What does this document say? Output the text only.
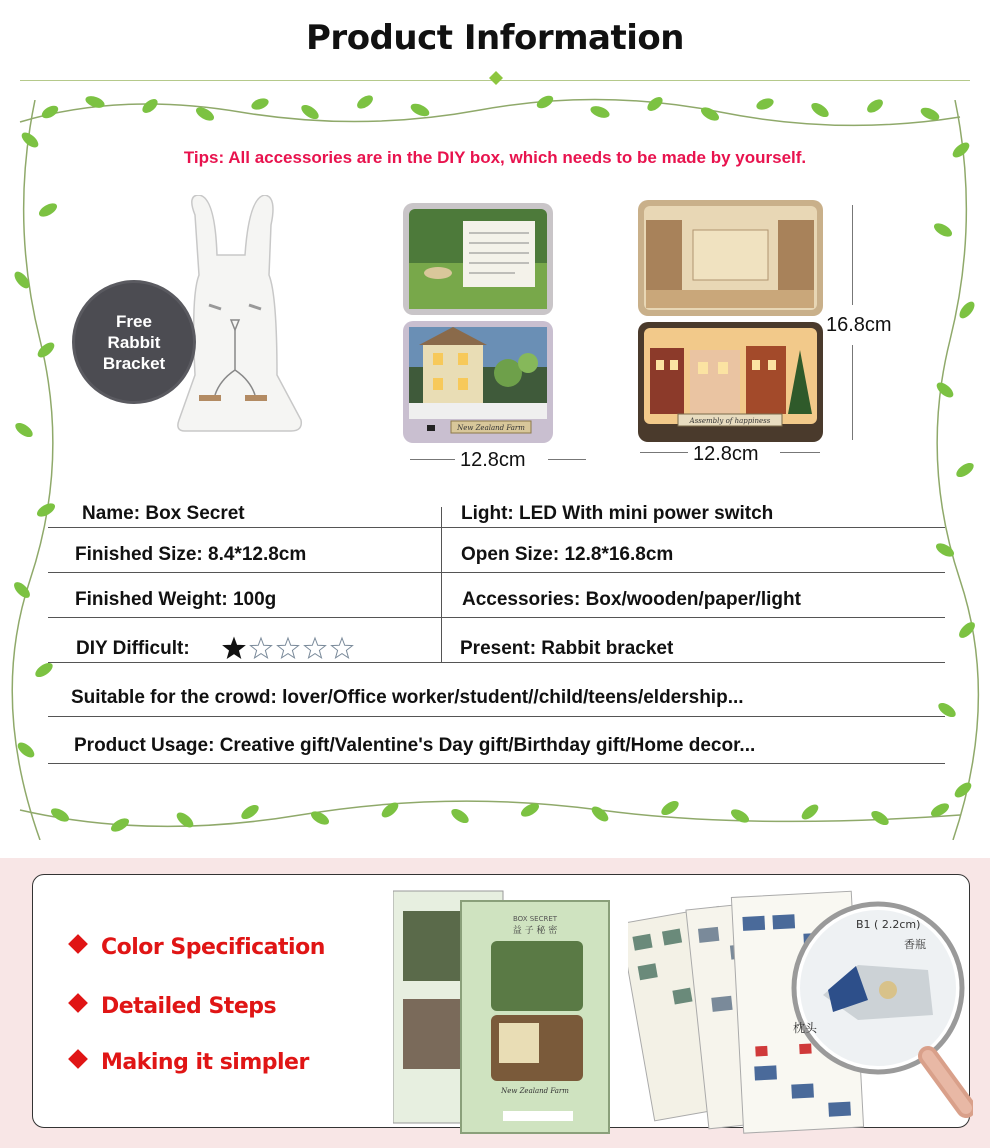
Product Information
Tips: All accessories are in the DIY box, which needs to be made by yourself.
Free
Rabbit
Bracket
New Zealand Farm
12.8cm
Assembly of happiness
12.8cm
16.8cm
Name: Box Secret	Light: LED With mini power switch
Finished Size: 8.4*12.8cm	Open Size: 12.8*16.8cm
Finished Weight: 100g	Accessories: Box/wooden/paper/light
DIY Difficult:	Present: Rabbit bracket
Suitable for the crowd: lover/Office worker/student//child/teens/eldership...
Product Usage: Creative gift/Valentine's Day gift/Birthday gift/Home decor...
Color Specification
Detailed Steps
Making it simpler
BOX SECRET
益 子 秘 密
New Zealand Farm
B1 ( 2.2cm)
香瓶
枕头
